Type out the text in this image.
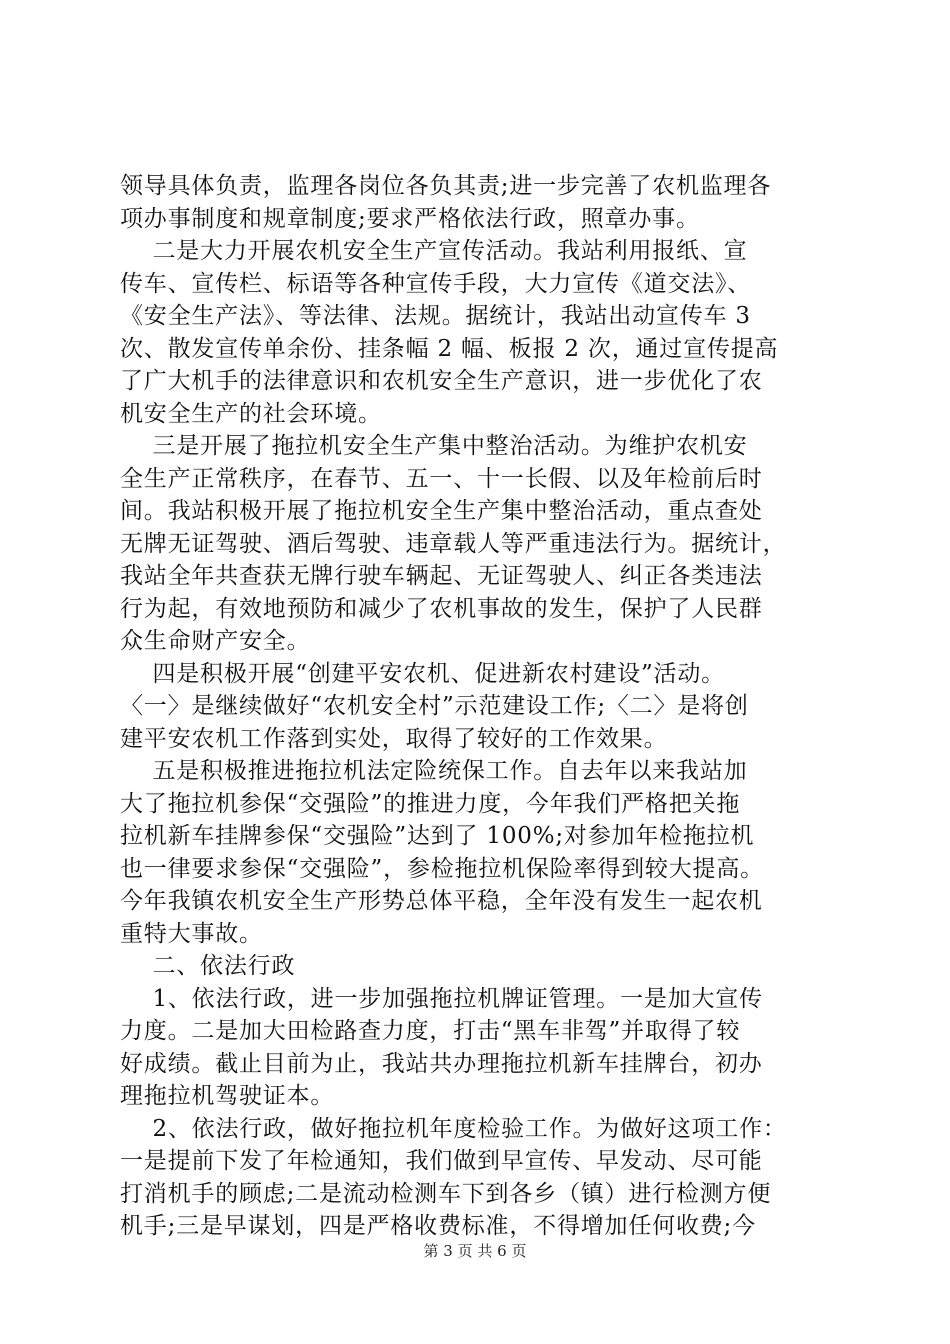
领导具体负责，监理各岗位各负其责;进一步完善了农机监理各
项办事制度和规章制度;要求严格依法行政，照章办事。
二是大力开展农机安全生产宣传活动。我站利用报纸、宣
传车、宣传栏、标语等各种宣传手段，大力宣传《道交法》、
《安全生产法》、等法律、法规。据统计，我站出动宣传车 3
次、散发宣传单余份、挂条幅 2 幅、板报 2 次，通过宣传提高
了广大机手的法律意识和农机安全生产意识，进一步优化了农
机安全生产的社会环境。
三是开展了拖拉机安全生产集中整治活动。为维护农机安
全生产正常秩序，在春节、五一、十一长假、以及年检前后时
间。我站积极开展了拖拉机安全生产集中整治活动，重点查处
无牌无证驾驶、酒后驾驶、违章载人等严重违法行为。据统计，
我站全年共查获无牌行驶车辆起、无证驾驶人、纠正各类违法
行为起，有效地预防和减少了农机事故的发生，保护了人民群
众生命财产安全。
四是积极开展“创建平安农机、促进新农村建设”活动。
〈一〉是继续做好“农机安全村”示范建设工作;〈二〉是将创
建平安农机工作落到实处，取得了较好的工作效果。
五是积极推进拖拉机法定险统保工作。自去年以来我站加
大了拖拉机参保“交强险”的推进力度，今年我们严格把关拖
拉机新车挂牌参保“交强险”达到了 100%;对参加年检拖拉机
也一律要求参保“交强险”，参检拖拉机保险率得到较大提高。
今年我镇农机安全生产形势总体平稳，全年没有发生一起农机
重特大事故。
二、依法行政
1、依法行政，进一步加强拖拉机牌证管理。一是加大宣传
力度。二是加大田检路查力度，打击“黑车非驾”并取得了较
好成绩。截止目前为止，我站共办理拖拉机新车挂牌台，初办
理拖拉机驾驶证本。
2、依法行政，做好拖拉机年度检验工作。为做好这项工作：
一是提前下发了年检通知，我们做到早宣传、早发动、尽可能
打消机手的顾虑;二是流动检测车下到各乡（镇）进行检测方便
机手;三是早谋划，四是严格收费标准，不得增加任何收费;今
第 3 页 共 6 页
